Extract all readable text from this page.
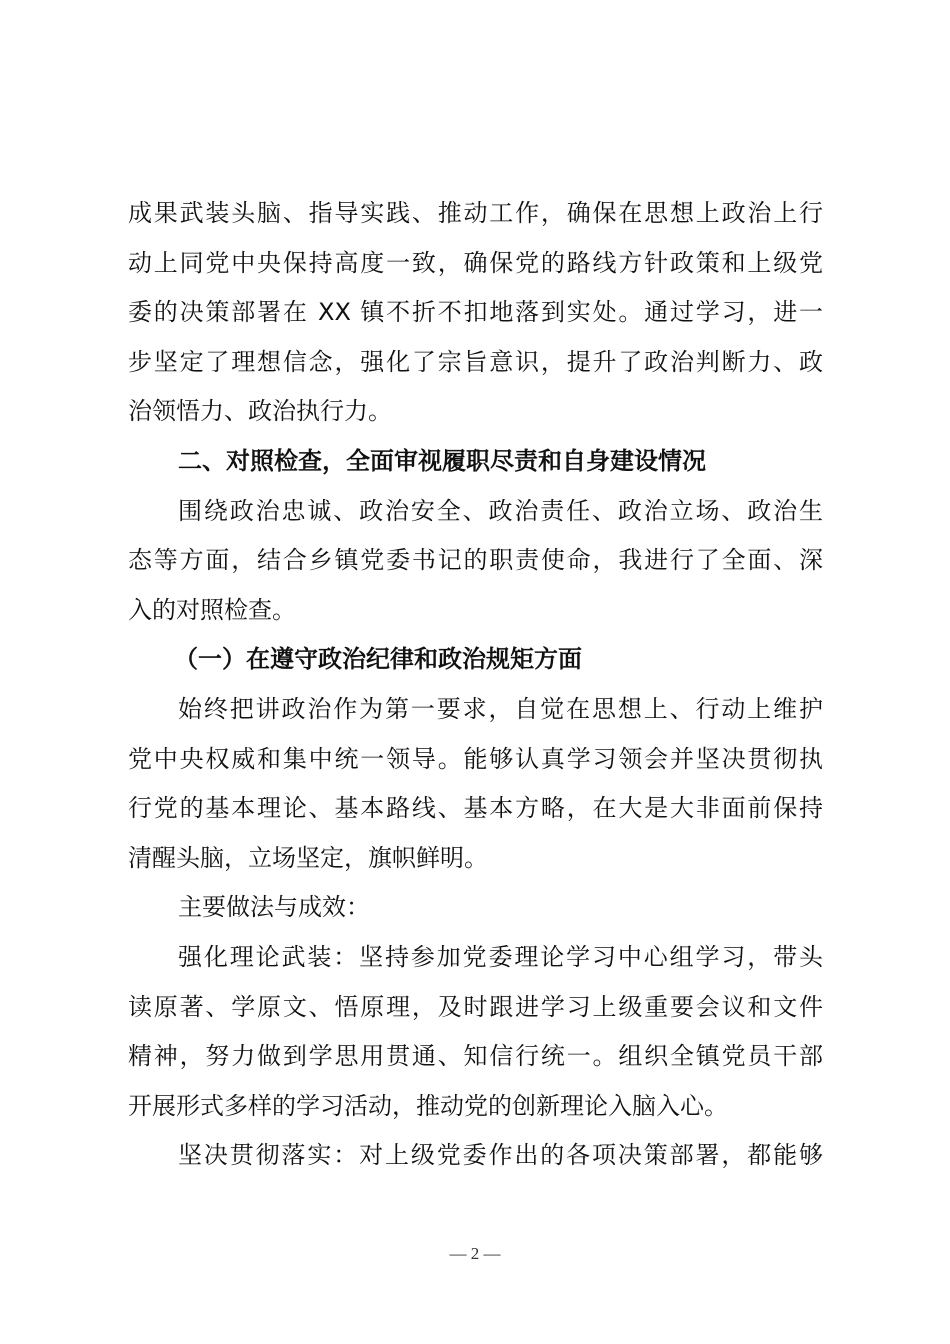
成果武装头脑、指导实践、推动工作，确保在思想上政治上行
动上同党中央保持高度一致，确保党的路线方针政策和上级党
委的决策部署在 XX 镇不折不扣地落到实处。通过学习，进一
步坚定了理想信念，强化了宗旨意识，提升了政治判断力、政
治领悟力、政治执行力。
二、对照检查，全面审视履职尽责和自身建设情况
围绕政治忠诚、政治安全、政治责任、政治立场、政治生
态等方面，结合乡镇党委书记的职责使命，我进行了全面、深
入的对照检查。
（一）在遵守政治纪律和政治规矩方面
始终把讲政治作为第一要求，自觉在思想上、行动上维护
党中央权威和集中统一领导。能够认真学习领会并坚决贯彻执
行党的基本理论、基本路线、基本方略，在大是大非面前保持
清醒头脑，立场坚定，旗帜鲜明。
主要做法与成效：
强化理论武装：坚持参加党委理论学习中心组学习，带头
读原著、学原文、悟原理，及时跟进学习上级重要会议和文件
精神，努力做到学思用贯通、知信行统一。组织全镇党员干部
开展形式多样的学习活动，推动党的创新理论入脑入心。
坚决贯彻落实：对上级党委作出的各项决策部署，都能够
— 2 —
